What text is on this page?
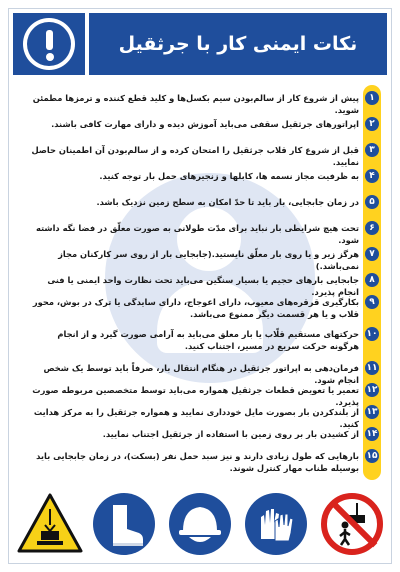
نکات ایمنی کار با جرثقیل
۱
پیش از شروع کار از سالم‌بودن سیم بکسل‌ها و کلید قطع کننده و ترمزها مطمئن شوید.
۲
اپراتورهای جرثقیل سقفی می‌باید آموزش دیده و دارای مهارت کافی باشند.
۳
قبل از شروع کار قلاب جرثقیل را امتحان کرده و از سالم‌بودن آن اطمینان حاصل نمایید.
۴
به ظرفیت مجاز نسمه ها، کابلها و زنجیرهای حمل بار توجه کنید.
۵
در زمان جابجایی، بار باید تا حدّ امکان به سطح زمین نزدیک باشد.
۶
تحت هیچ شرایطی بار نباید برای مدّت طولانی به صورت معلّق در فضا نگه داشته شود.
۷
هرگز زیر و یا روی بار معلّق نایستید.(جابجایی بار از روی سر کارکنان مجاز نمی‌باشد.)
۸
جابجایی بارهای حجیم یا بسیار سنگین می‌باید تحت نظارت واحد ایمنی یا فنی انجام پذیرد.
۹
بکارگیری قرقره‌های معیوب، دارای اعوجاج، دارای سایدگی یا ترک در بوش، محور قلاب و یا هر قسمت دیگر ممنوع می‌باشد.
۱۰
حرکتهای مستقیم قلّاب یا بار معلق می‌باید به آرامی صورت گیرد و از انجام هرگونه حرکت سریع در مسیر، اجتناب کنید.
۱۱
فرمان‌دهی به اپراتور جرثقیل در هنگام انتقال بار، صرفاً باید توسط یک شخص انجام شود.
۱۲
تعمیر یا تعویض قطعات جرثقیل همواره می‌باید توسط متخصصین مربوطه صورت پذیرد.
۱۳
از بلند‌کردن بار بصورت مایل خودداری نمایید و همواره جرثقیل را به مرکز هدایت کنید.
۱۴
از کشیدن بار بر روی زمین با استفاده از جرثقیل اجتناب نمایید.
۱۵
بارهایی که طول زیادی دارند و نیز سبد حمل نفر (بسکت)، در زمان جابجایی باید بوسیله طناب مهار کنترل شوند.
